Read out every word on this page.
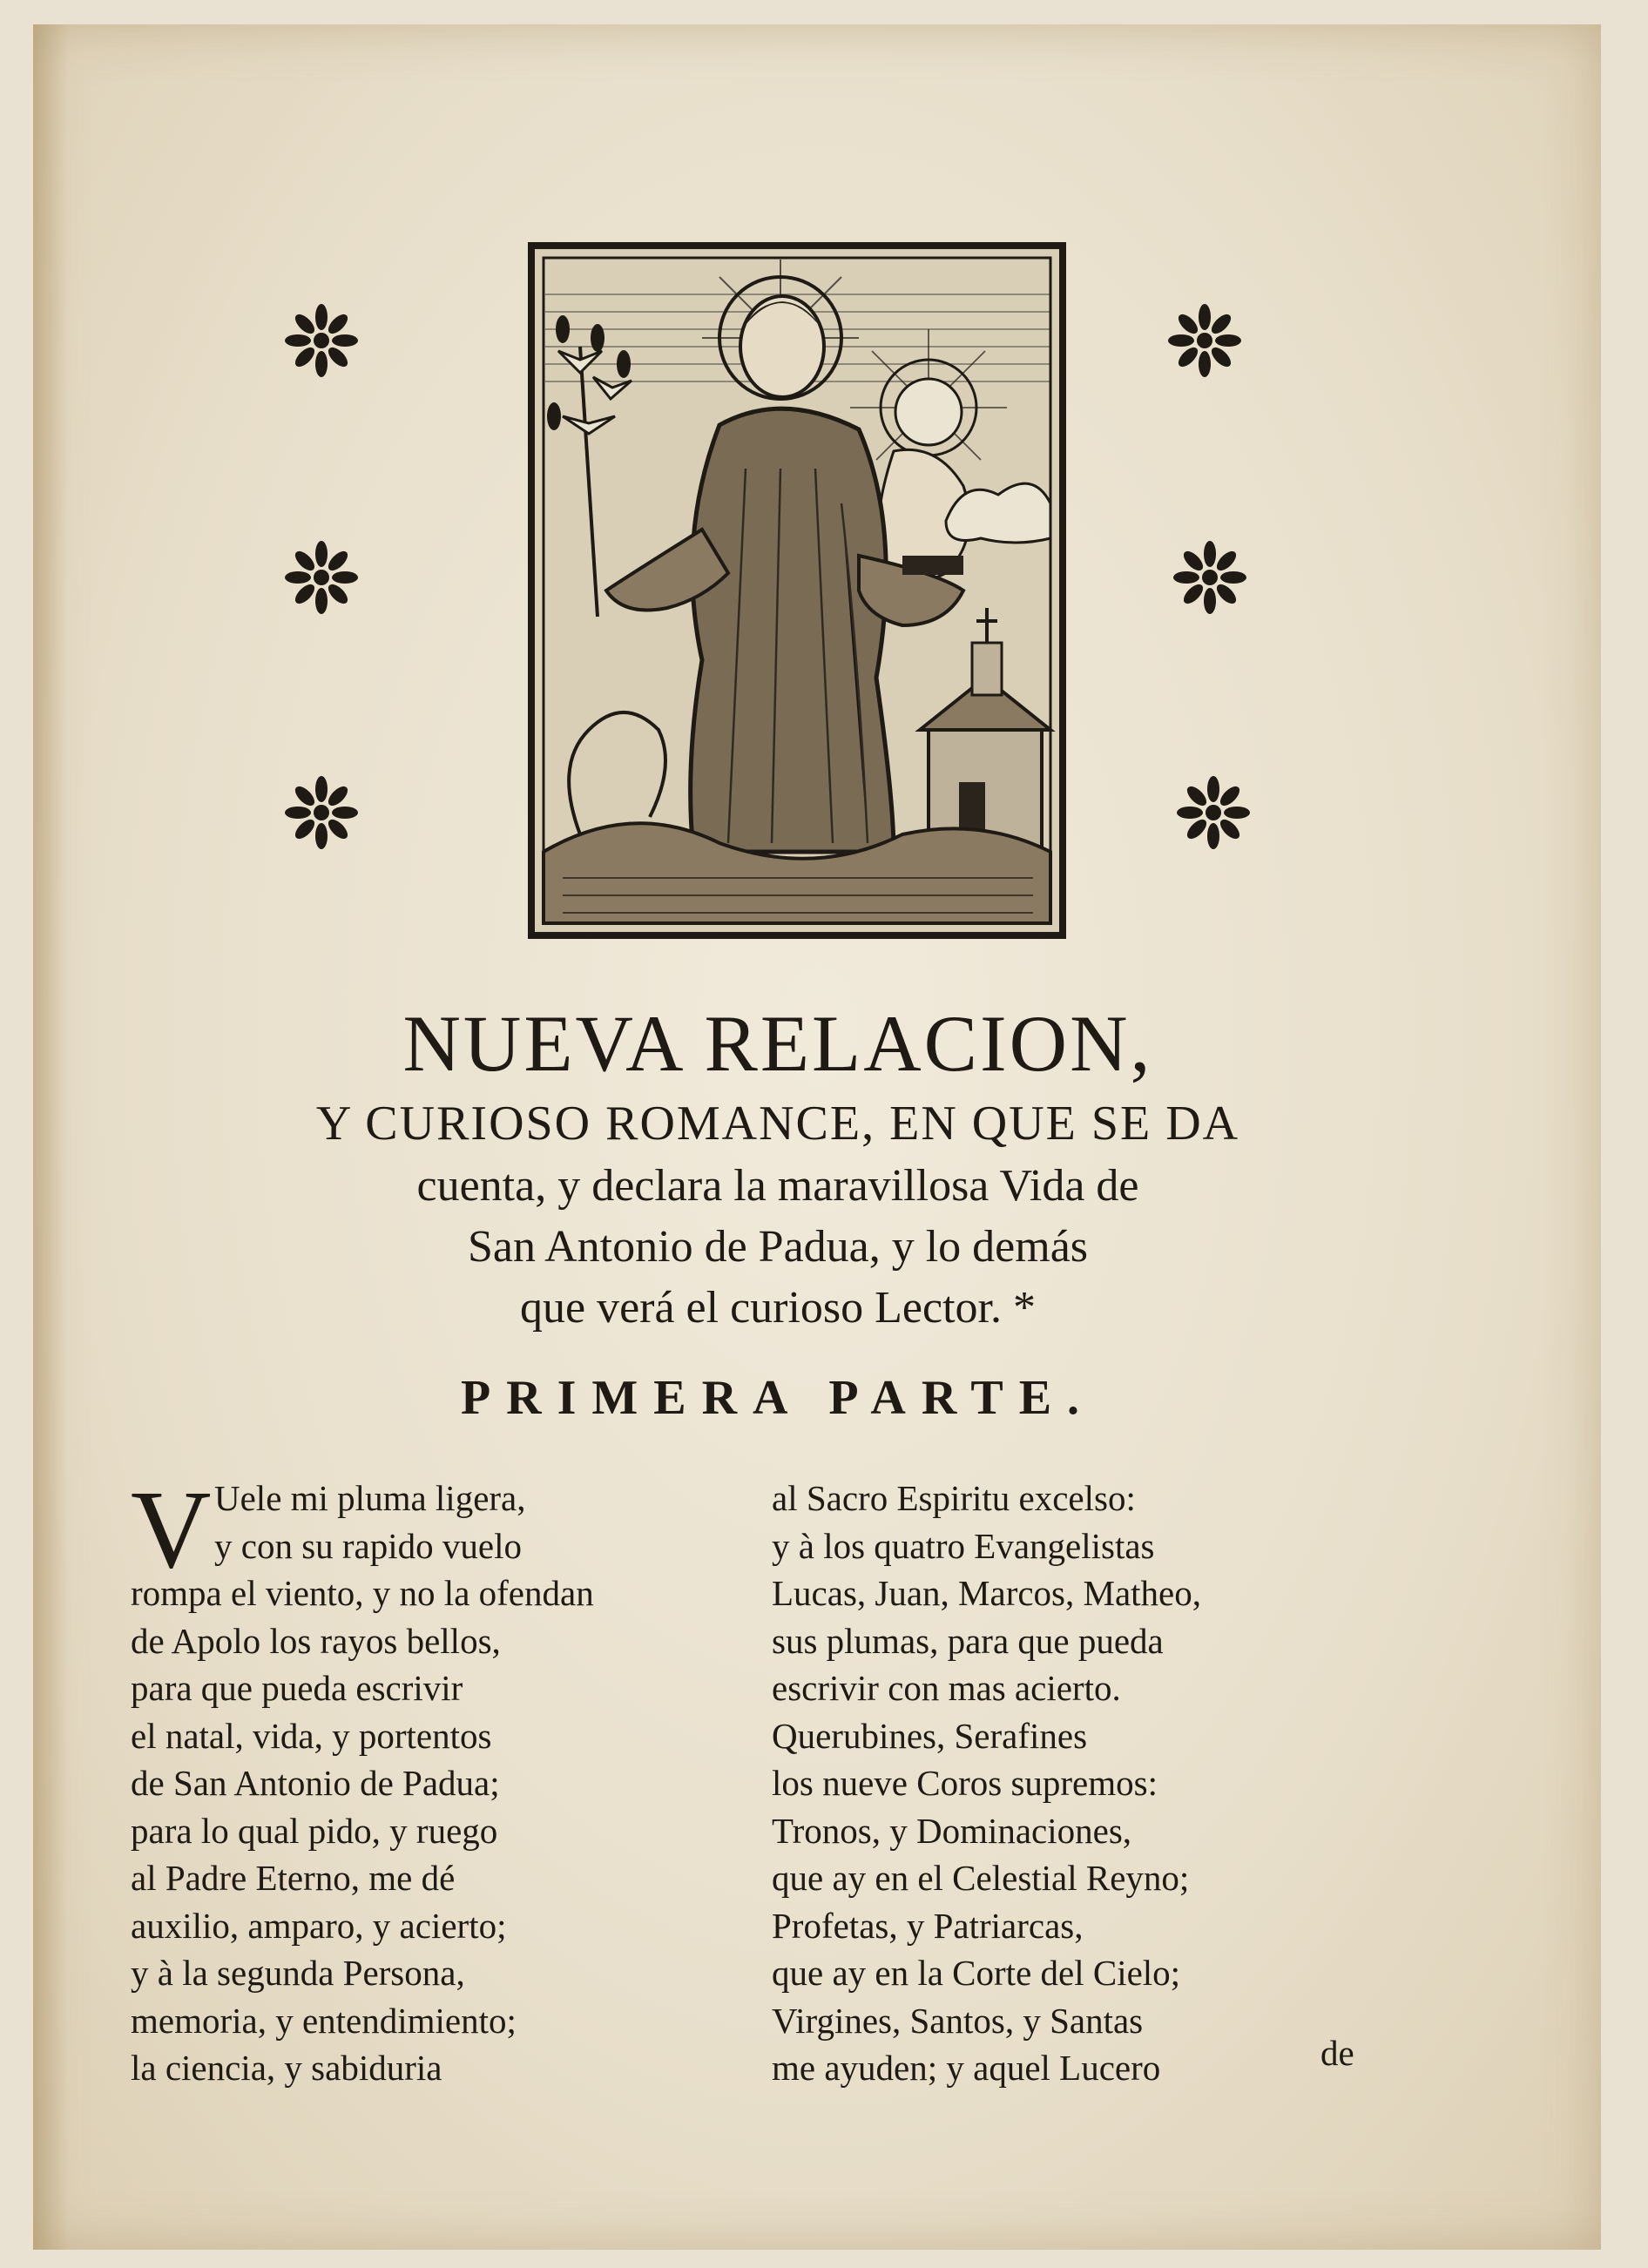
NUEVA RELACION,
Y CURIOSO ROMANCE, EN QUE SE DA
cuenta, y declara la maravillosa Vida de
San Antonio de Padua, y lo demás
que verá el curioso Lector. *
PRIMERA PARTE.
V Uele mi pluma ligera,
y con su rapido vuelo
rompa el viento, y no la ofendan
de Apolo los rayos bellos,
para que pueda escrivir
el natal, vida, y portentos
de San Antonio de Padua;
para lo qual pido, y ruego
al Padre Eterno, me dé
auxilio, amparo, y acierto;
y à la segunda Persona,
memoria, y entendimiento;
la ciencia, y sabiduria
al Sacro Espiritu excelso:
y à los quatro Evangelistas
Lucas, Juan, Marcos, Matheo,
sus plumas, para que pueda
escrivir con mas acierto.
Querubines, Serafines
los nueve Coros supremos:
Tronos, y Dominaciones,
que ay en el Celestial Reyno;
Profetas, y Patriarcas,
que ay en la Corte del Cielo;
Virgines, Santos, y Santas
me ayuden; y aquel Lucero	de
